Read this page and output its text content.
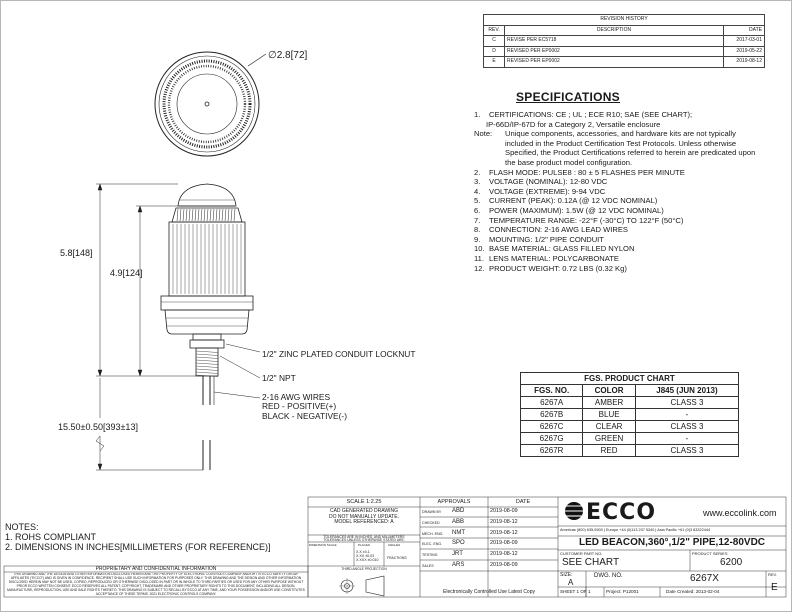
REVISION HISTORY		
REV.	DESCRIPTION	DATE
C	REVISE PER EC5718	2017-03-01
D	REVISED PER EP0002	2019-05-22
E	REVISED PER EP0002	2019-08-12
SPECIFICATIONS
1.	CERTIFICATIONS: CE ; UL ; ECE R10; SAE (SEE CHART);
IP-66D/IP-67D for a Category 2, Versatile enclosure
Note:	Unique components, accessories, and hardware kits are not typically included in the Product Certification Test Protocols. Unless otherwise Specified, the Product Certifications referred to herein are predicated upon the base product model configuration.
2.	FLASH MODE: PULSE8 : 80 ± 5 FLASHES PER MINUTE
3.	VOLTAGE (NOMINAL): 12-80 VDC
4.	VOLTAGE (EXTREME): 9-94 VDC
5.	CURRENT (PEAK): 0.12A (@ 12 VDC NOMINAL)
6.	POWER (MAXIMUM): 1.5W (@ 12 VDC NOMINAL)
7.	TEMPERATURE RANGE: -22°F (-30°C) TO 122°F (50°C)
8.	CONNECTION: 2-16 AWG LEAD WIRES
9.	MOUNTING: 1/2" PIPE CONDUIT
10. BASE MATERIAL: GLASS FILLED NYLON
11. LENS MATERIAL: POLYCARBONATE
12. PRODUCT WEIGHT: 0.72 LBS (0.32 Kg)
FGS. PRODUCT CHART		
FGS. NO.	COLOR	J845 (JUN 2013)
6267A	AMBER	CLASS 3
6267B	BLUE	-
6267C	CLEAR	CLASS 3
6267G	GREEN	-
6267R	RED	CLASS 3
∅2.8[72]
5.8[148]
4.9[124]
15.50±0.50[393±13]
1/2" ZINC PLATED CONDUIT LOCKNUT
1/2" NPT
2-16 AWG WIRES
RED - POSITIVE(+)
BLACK - NEGATIVE(-)
NOTES:
1. ROHS COMPLIANT
2. DIMENSIONS IN INCHES[MILLIMETERS (FOR REFERENCE)]
PROPRIETARY AND CONFIDENTIAL INFORMATION
THIS DRAWING AND THE DESIGN AND OTHER INFORMATION DISCLOSED HEREIN ARE THE PROPERTY OF ELECTRONIC CONTROLS COMPANY AND/OR ITS ECCO SAFETY GROUP AFFILIATES ("ECCO") AND IS GIVEN IN CONFIDENCE. RECIPIENT SHALL USE SUCH INFORMATION FOR PURPOSES ONLY. THIS DRAWING AND THE DESIGN AND OTHER INFORMATION DISCLOSED HEREIN MAY NOT BE USED, COPIED, REPRODUCED OR OTHERWISE DISCLOSED IN PART OR IN WHOLE TO THIRD PARTIES OR USED FOR ANY OTHER PURPOSE WITHOUT PRIOR ECCO WRITTEN CONSENT. ECCO RESERVES ALL PATENT, COPYRIGHT, TRADEMARK AND OTHER PROPRIETARY RIGHTS TO THIS DOCUMENT, INCLUDING ALL DESIGN, MANUFACTURE, REPRODUCTION, USE AND SALE RIGHTS THERETO. THIS DRAWING IS SUBJECT TO RECALL BY ECCO AT ANY TIME, AND YOUR POSSESSION AND/OR USE CONSTITUTES ACCEPTANCE OF THESE TERMS. 2021 ELECTRONIC CONTROLS COMPANY.
SCALE 1:2.25
CAD GENERATED DRAWING
DO NOT MANUALLY UPDATE.
MODEL REFERENCED: A
TOLERANCES ARE IN INCHES, AND MILLIMETERS
TOLERANCES UNLESS OTHERWISE STATED ARE:
DIMENSION SCALE	PLACES	ANGLES
X.X ±0.1
X.XX ±0.03
X.XXX ±0.010 FRACTIONS
THIRD ANGLE PROJECTION
APPROVALS	DATE
DRAWN BY ABD	2019-08-09
CHECKED ABB	2019-08-12
MECH. ENG. NMT	2019-08-12
ELEC. ENG. SPO	2019-08-09
TESTING JRT	2019-08-12
SALES	ARS	2019-08-09
ECCO	www.eccolink.com
Americas (800) 635-5900 | Europe +44 (0)113 237 5340 | Asia Pacific +61 (0)3 83322444
LED BEACON,360°,1/2" PIPE,12-80VDC
CUSTOMER PART NO.
SEE CHART
PRODUCT SERIES
6200
SIZE:
A
DWG. NO.	6267X	REV.
E
Electronically Controlled Use Latest Copy	SHEET 1 OF 1	Project: P12001	Date Created: 2013-02-04
